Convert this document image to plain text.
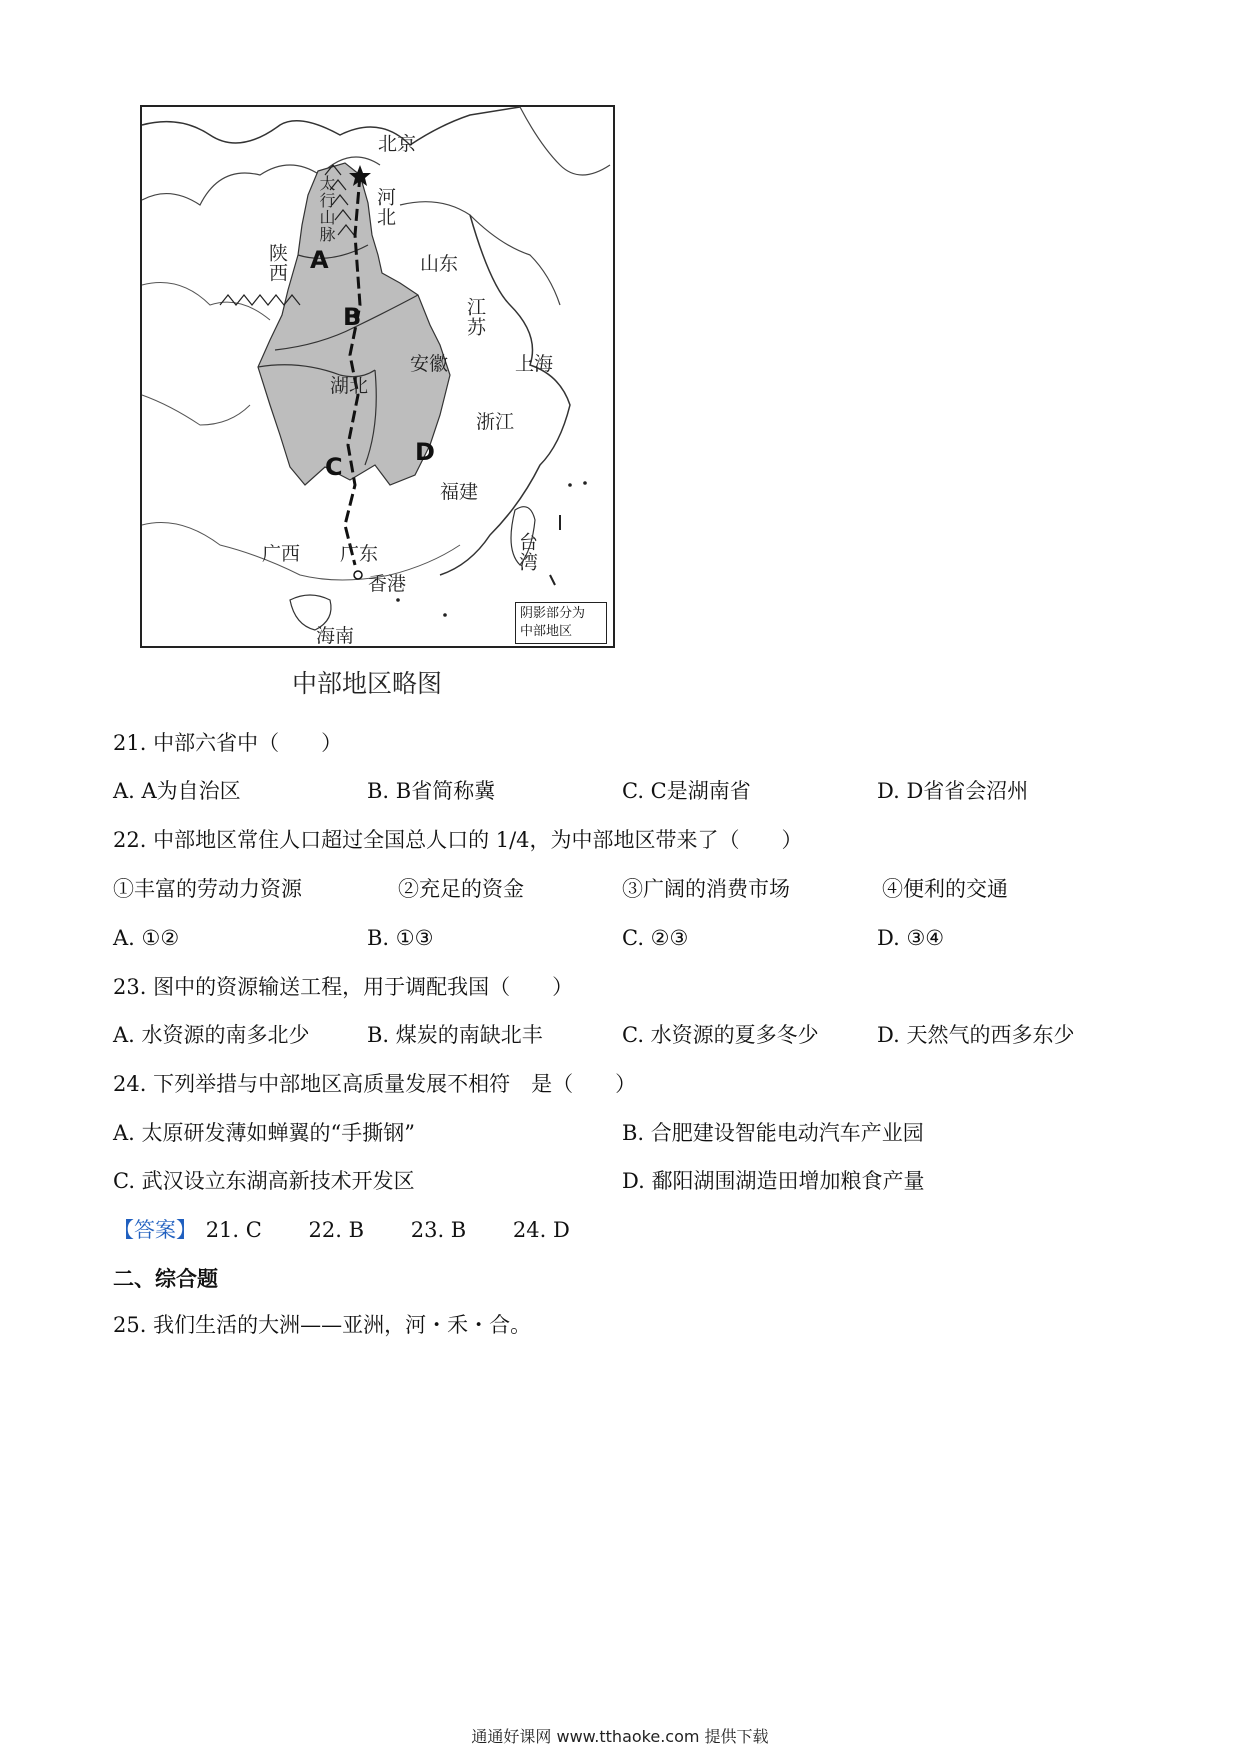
北京
太行山脉 河北
陕西	山东
江苏
上海
安徽
湖北
浙江
福建
台湾
广西 广东
香港
海南
A
B
C
D
阴影部分为
中部地区
中部地区略图
21. 中部六省中（　　）
A. A为自治区	B. B省简称冀	C. C是湖南省	D. D省省会沼州
22. 中部地区常住人口超过全国总人口的 1/4，为中部地区带来了（　　）
①丰富的劳动力资源	②充足的资金	③广阔的消费市场	④便利的交通
A. ①②	B. ①③	C. ②③	D. ③④
23. 图中的资源输送工程，用于调配我国（　　）
A. 水资源的南多北少	B. 煤炭的南缺北丰	C. 水资源的夏多冬少	D. 天然气的西多东少
24. 下列举措与中部地区高质量发展不相符　是（　　）
A. 太原研发薄如蝉翼的“手撕钢”	B. 合肥建设智能电动汽车产业园
C. 武汉设立东湖高新技术开发区	D. 鄱阳湖围湖造田增加粮食产量
【答案】 21. C 22. B 23. B 24. D
二、综合题
25. 我们生活的大洲——亚洲，河・禾・合。
通通好课网 www.tthaoke.com 提供下载
